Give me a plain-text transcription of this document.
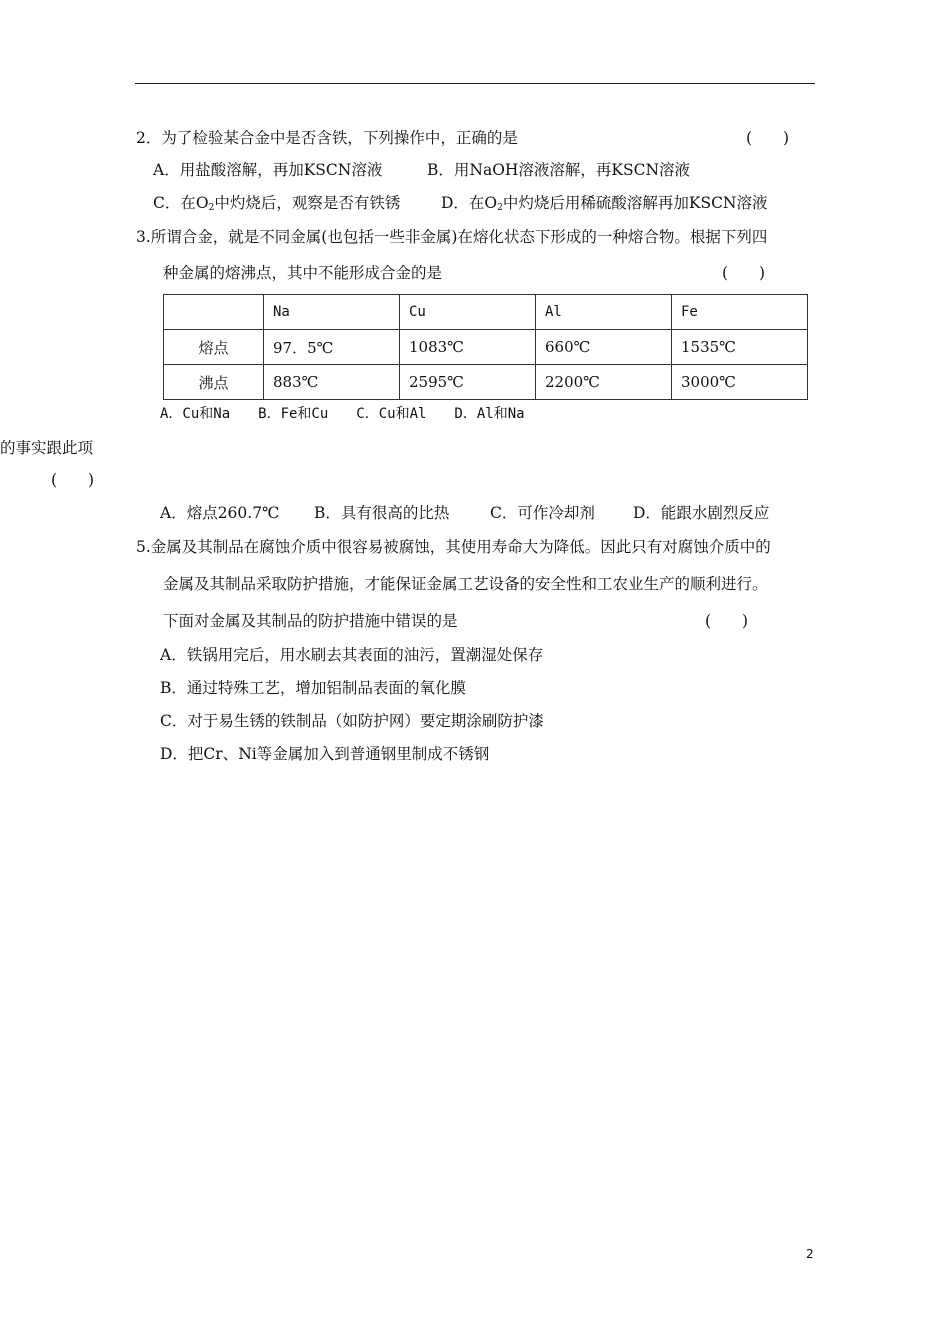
2．为了检验某合金中是否含铁，下列操作中，正确的是	(　　)
A．用盐酸溶解，再加KSCN溶液	B．用NaOH溶液溶解，再KSCN溶液
C．在$O_2$中灼烧后，观察是否有铁锈	D．在$O_2$中灼烧后用稀硫酸溶解再加KSCN溶液
3.所谓合金，就是不同金属(也包括一些非金属)在熔化状态下形成的一种熔合物。根据下列四
种金属的熔沸点，其中不能形成合金的是	(　　)
	Na	Cu	Al	Fe
熔点	97．5℃	1083℃	660℃	1535℃
沸点	883℃	2595℃	2200℃	3000℃
A．Cu和Na　　B．Fe和Cu　　C．Cu和Al　　D．Al和Na
的事实跟此项
(　　)
A．熔点260.7℃ B．具有很高的比热	C．可作冷却剂 D．能跟水剧烈反应
5.金属及其制品在腐蚀介质中很容易被腐蚀，其使用寿命大为降低。因此只有对腐蚀介质中的
金属及其制品采取防护措施，才能保证金属工艺设备的安全性和工农业生产的顺利进行。
下面对金属及其制品的防护措施中错误的是	(　　)
A．铁锅用完后，用水刷去其表面的油污，置潮湿处保存
B．通过特殊工艺，增加铝制品表面的氧化膜
C．对于易生锈的铁制品（如防护网）要定期涂刷防护漆
D．把Cr、Ni等金属加入到普通钢里制成不锈钢
2
